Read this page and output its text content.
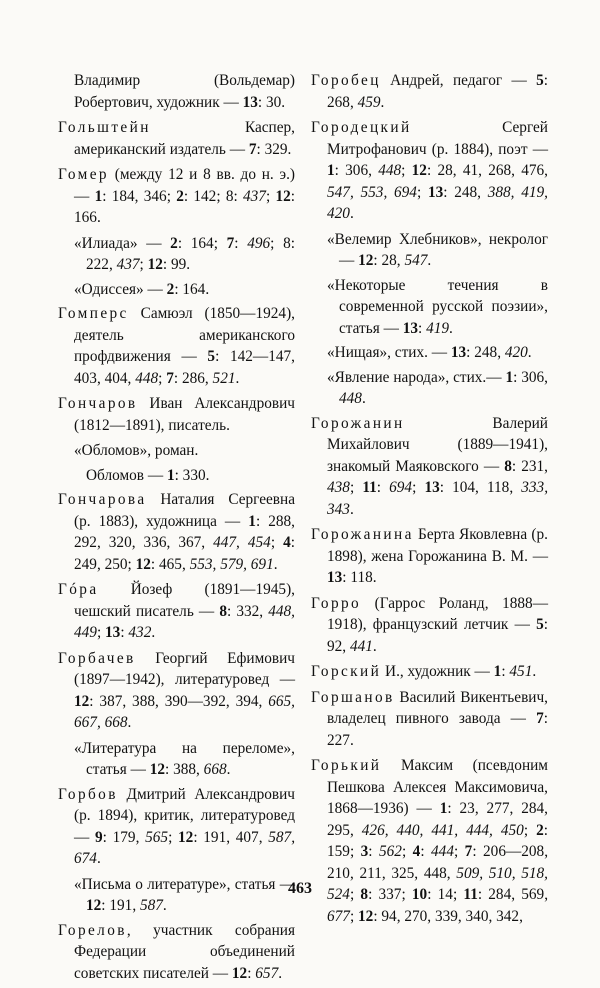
Владимир (Вольдемар) Робертович, художник — 13: 30.
Гольштейн Каспер, американский издатель — 7: 329.
Гомер (между 12 и 8 вв. до н. э.) — 1: 184, 346; 2: 142; 8: 437; 12: 166.
«Илиада» — 2: 164; 7: 496; 8: 222, 437; 12: 99.
«Одиссея» — 2: 164.
Гомперс Самюэл (1850—1924), деятель американского профдвижения — 5: 142—147, 403, 404, 448; 7: 286, 521.
Гончаров Иван Александрович (1812—1891), писатель.
«Обломов», роман.
Обломов — 1: 330.
Гончарова Наталия Сергеевна (р. 1883), художница — 1: 288, 292, 320, 336, 367, 447, 454; 4: 249, 250; 12: 465, 553, 579, 691.
Гóра Йозеф (1891—1945), чешский писатель — 8: 332, 448, 449; 13: 432.
Горбачев Георгий Ефимович (1897—1942), литературовед — 12: 387, 388, 390—392, 394, 665, 667, 668.
«Литература на переломе», статья — 12: 388, 668.
Горбов Дмитрий Александрович (р. 1894), критик, литературовед — 9: 179, 565; 12: 191, 407, 587, 674.
«Письма о литературе», статья — 12: 191, 587.
Горелов, участник собрания Федерации объединений советских писателей — 12: 657.
Горобец Андрей, педагог — 5: 268, 459.
Городецкий Сергей Митрофанович (р. 1884), поэт — 1: 306, 448; 12: 28, 41, 268, 476, 547, 553, 694; 13: 248, 388, 419, 420.
«Велемир Хлебников», некролог — 12: 28, 547.
«Некоторые течения в современной русской поэзии», статья — 13: 419.
«Нищая», стих. — 13: 248, 420.
«Явление народа», стих.— 1: 306, 448.
Горожанин Валерий Михайлович (1889—1941), знакомый Маяковского — 8: 231, 438; 11: 694; 13: 104, 118, 333, 343.
Горожанина Берта Яковлевна (р. 1898), жена Горожанина В. М. — 13: 118.
Горро (Гаррос Роланд, 1888—1918), французский летчик — 5: 92, 441.
Горский И., художник — 1: 451.
Горшанов Василий Викентьевич, владелец пивного завода — 7: 227.
Горький Максим (псевдоним Пешкова Алексея Максимовича, 1868—1936) — 1: 23, 277, 284, 295, 426, 440, 441, 444, 450; 2: 159; 3: 562; 4: 444; 7: 206—208, 210, 211, 325, 448, 509, 510, 518, 524; 8: 337; 10: 14; 11: 284, 569, 677; 12: 94, 270, 339, 340, 342,
463
